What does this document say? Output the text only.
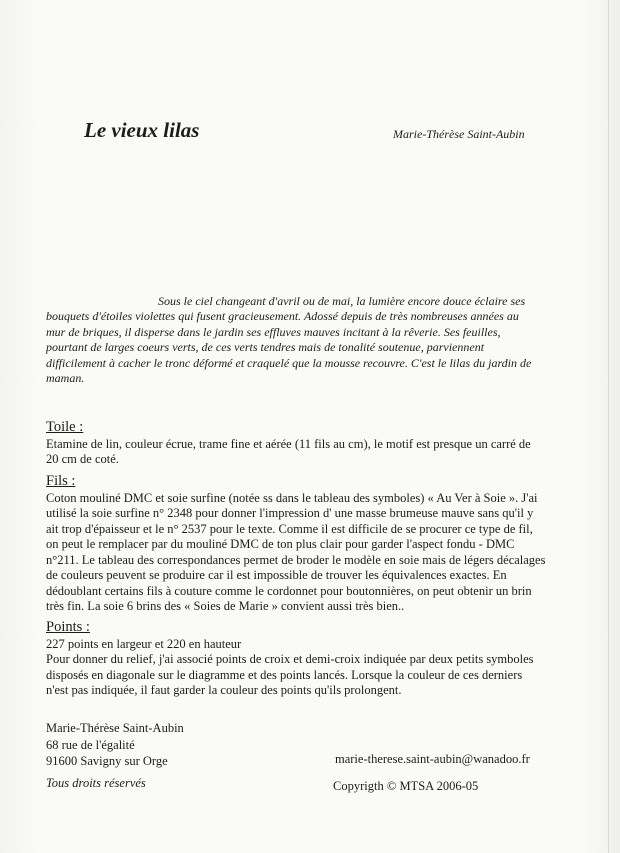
Le vieux lilas	Marie-Thérèse Saint-Aubin

Sous le ciel changeant d'avril ou de mai, la lumière encore douce éclaire ses bouquets d'étoiles violettes qui fusent gracieusement. Adossé depuis de très nombreuses années au mur de briques, il disperse dans le jardin ses effluves mauves incitant à la rêverie. Ses feuilles, pourtant de larges coeurs verts, de ces verts tendres mais de tonalité soutenue, parviennent difficilement à cacher le tronc déformé et craquelé que la mousse recouvre. C'est le lilas du jardin de maman.

Toile :

Etamine de lin, couleur écrue, trame fine et aérée (11 fils au cm), le motif est presque un carré de 20 cm de coté.

Fils :

Coton mouliné DMC et soie surfine (notée ss dans le tableau des symboles) « Au Ver à Soie ». J'ai utilisé la soie surfine n° 2348 pour donner l'impression d' une masse brumeuse mauve sans qu'il y ait trop d'épaisseur et le n° 2537 pour le texte. Comme il est difficile de se procurer ce type de fil, on peut le remplacer par du mouliné DMC de ton plus clair pour garder l'aspect fondu - DMC n°211. Le tableau des correspondances permet de broder le modèle en soie mais de légers décalages de couleurs peuvent se produire car il est impossible de trouver les équivalences exactes. En dédoublant certains fils à couture comme le cordonnet pour boutonnières, on peut obtenir un brin très fin. La soie 6 brins des « Soies de Marie » convient aussi très bien..

Points :

227 points en largeur et 220 en hauteur

Pour donner du relief, j'ai associé points de croix et demi-croix indiquée par deux petits symboles disposés en diagonale sur le diagramme et des points lancés. Lorsque la couleur de ces derniers n'est pas indiquée, il faut garder la couleur des points qu'ils prolongent.

Marie-Thérèse Saint-Aubin
68 rue de l'égalité
91600 Savigny sur Orge	marie-therese.saint-aubin@wanadoo.fr
Tous droits réservés	Copyrigth © MTSA 2006-05
